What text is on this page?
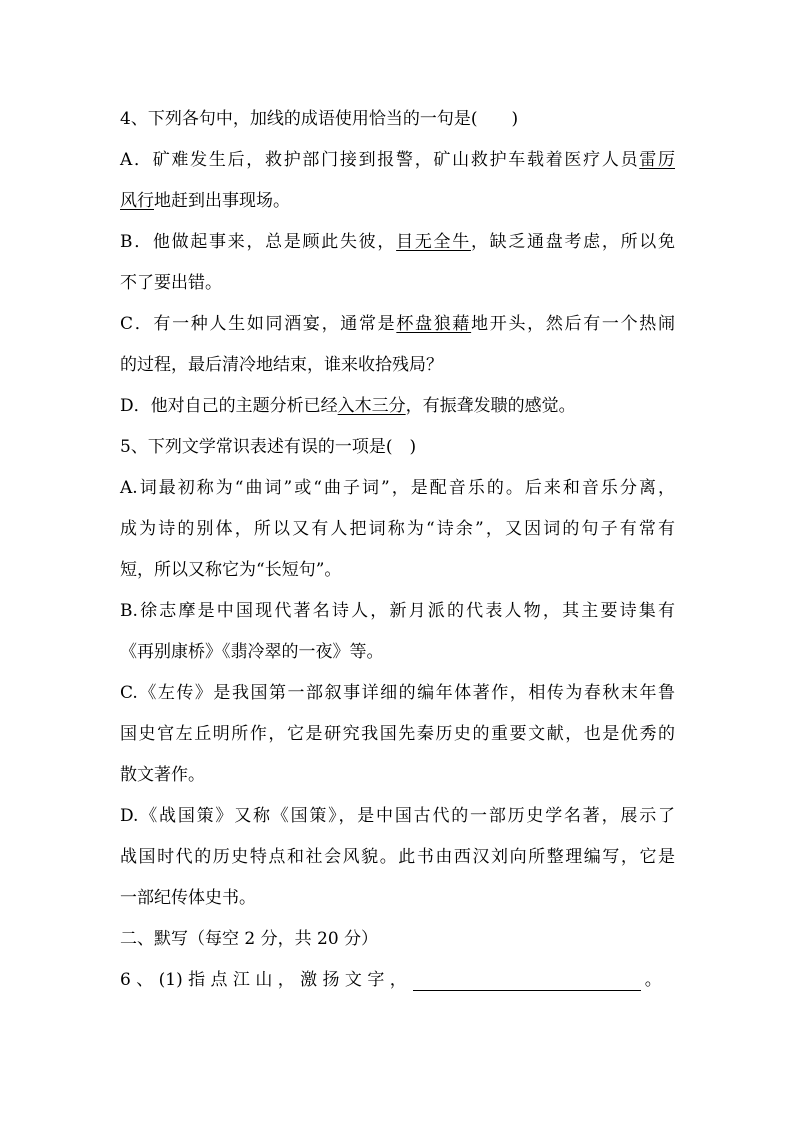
4、下列各句中，加线的成语使用恰当的一句是(　　)
A．矿难发生后，救护部门接到报警，矿山救护车载着医疗人员雷厉
风行地赶到出事现场。
B．他做起事来，总是顾此失彼，目无全牛，缺乏通盘考虑，所以免
不了要出错。
C．有一种人生如同酒宴，通常是杯盘狼藉地开头，然后有一个热闹
的过程，最后清冷地结束，谁来收拾残局？
D．他对自己的主题分析已经入木三分，有振聋发聩的感觉。
5、下列文学常识表述有误的一项是(　)
A.词最初称为“曲词”或“曲子词”，是配音乐的。后来和音乐分离，
成为诗的别体，所以又有人把词称为“诗余”，又因词的句子有常有
短，所以又称它为“长短句”。
B.徐志摩是中国现代著名诗人，新月派的代表人物，其主要诗集有
《再别康桥》《翡冷翠的一夜》等。
C.《左传》是我国第一部叙事详细的编年体著作，相传为春秋末年鲁
国史官左丘明所作，它是研究我国先秦历史的重要文献，也是优秀的
散文著作。
D.《战国策》又称《国策》，是中国古代的一部历史学名著，展示了
战国时代的历史特点和社会风貌。此书由西汉刘向所整理编写，它是
一部纪传体史书。
二、默写（每空 2 分，共 20 分）
6 、 (1) 指 点 江 山 ， 激 扬 文 字 ，	。
